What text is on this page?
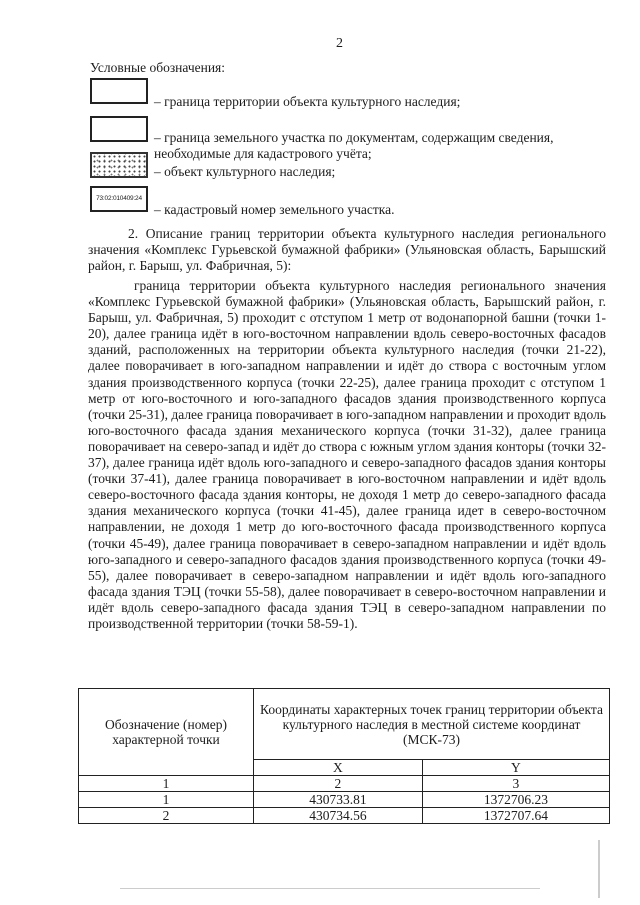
2
Условные обозначения:
– граница территории объекта культурного наследия;
– граница земельного участка по документам, содержащим сведения,
необходимые для кадастрового учёта;
– объект культурного наследия;
73:02:010409:24
– кадастровый номер земельного участка.
2. Описание границ территории объекта культурного наследия регионального значения «Комплекс Гурьевской бумажной фабрики» (Ульяновская область, Барышский район, г. Барыш, ул. Фабричная, 5):
граница территории объекта культурного наследия регионального значения «Комплекс Гурьевской бумажной фабрики» (Ульяновская область, Барышский район, г. Барыш, ул. Фабричная, 5) проходит с отступом 1 метр от водонапорной башни (точки 1-20), далее граница идёт в юго-восточном направлении вдоль северо-восточных фасадов зданий, расположенных на территории объекта культурного наследия (точки 21-22), далее поворачивает в юго-западном направлении и идёт до створа с восточным углом здания производственного корпуса (точки 22-25), далее граница проходит с отступом 1 метр от юго-восточного и юго-западного фасадов здания производственного корпуса (точки 25-31), далее граница поворачивает в юго-западном направлении и проходит вдоль юго-восточного фасада здания механического корпуса (точки 31-32), далее граница поворачивает на северо-запад и идёт до створа с южным углом здания конторы (точки 32-37), далее граница идёт вдоль юго-западного и северо-западного фасадов здания конторы (точки 37-41), далее граница поворачивает в юго-восточном направлении и идёт вдоль северо-восточного фасада здания конторы, не доходя 1 метр до северо-западного фасада здания механического корпуса (точки 41-45), далее граница идет в северо-восточном направлении, не доходя 1 метр до юго-восточного фасада производственного корпуса (точки 45-49), далее граница поворачивает в северо-западном направлении и идёт вдоль юго-западного и северо-западного фасадов здания производственного корпуса (точки 49-55), далее поворачивает в северо-западном направлении и идёт вдоль юго-западного фасада здания ТЭЦ (точки 55-58), далее поворачивает в северо-восточном направлении и идёт вдоль северо-западного фасада здания ТЭЦ в северо-западном направлении по производственной территории (точки 58-59-1).
Обозначение (номер) характерной точки	Координаты характерных точек границ территории объекта культурного наследия в местной системе координат (МСК-73)	
	X	Y
1	2	3
1	430733.81	1372706.23
2	430734.56	1372707.64
